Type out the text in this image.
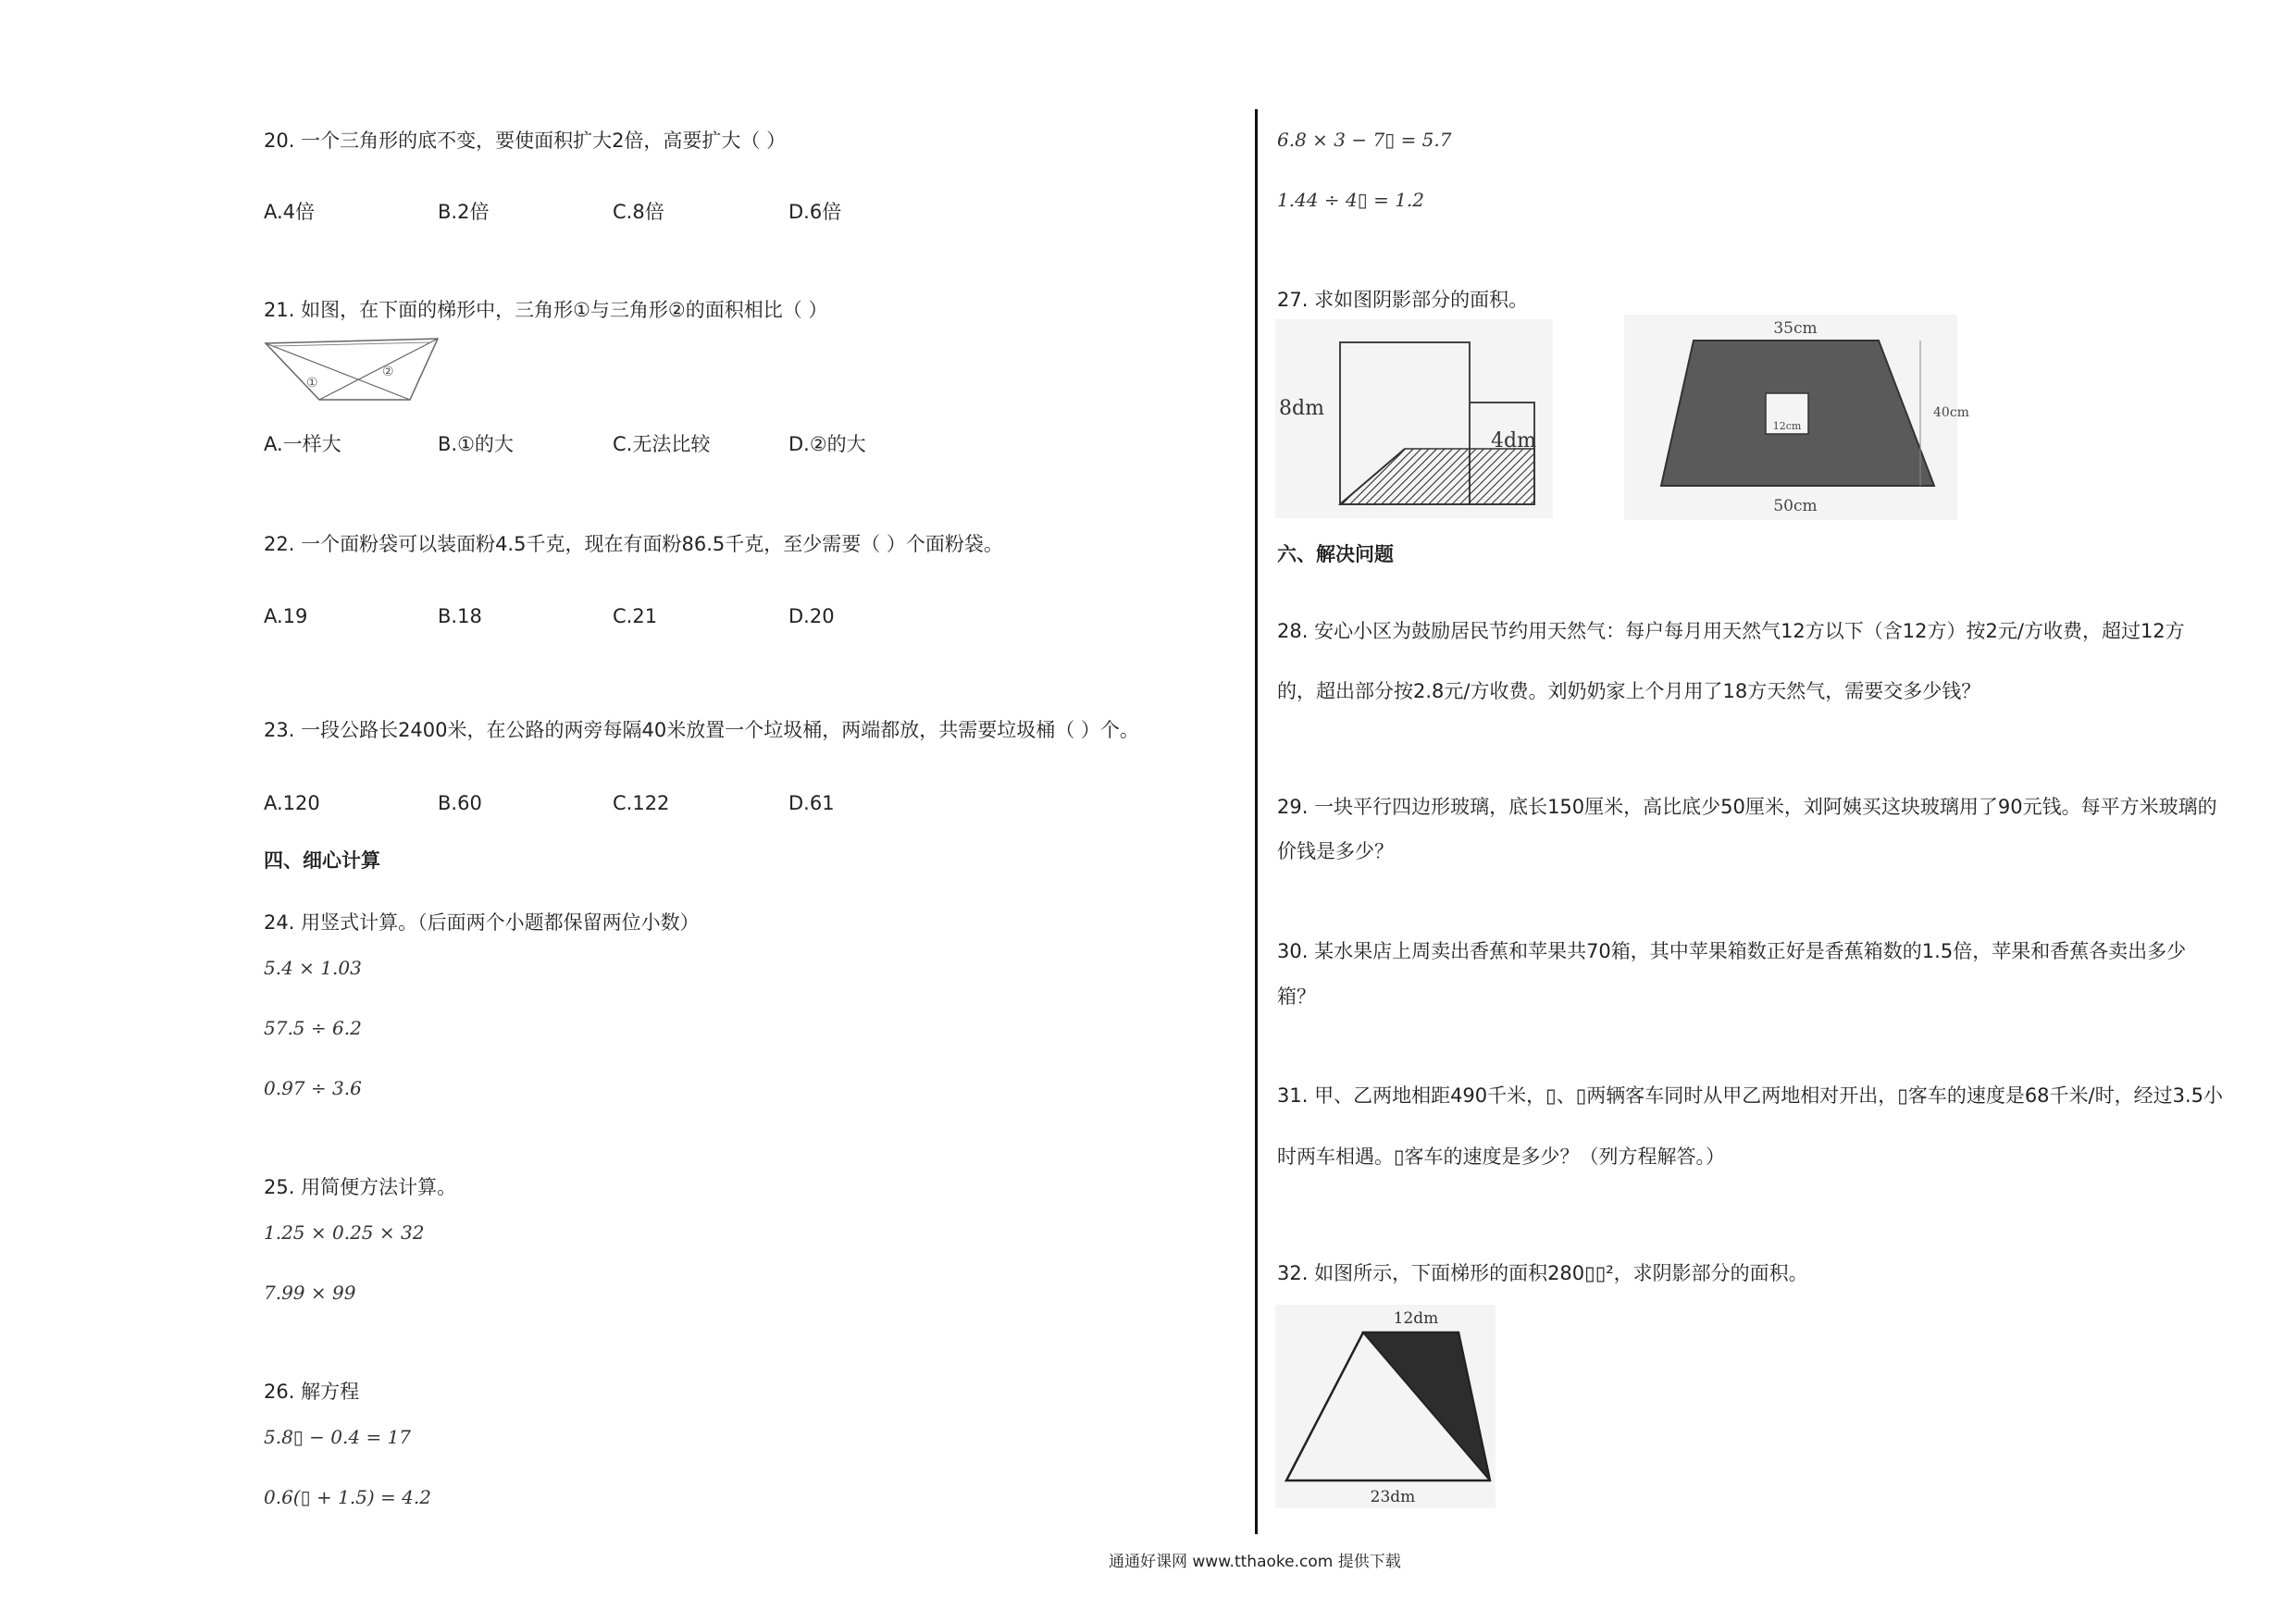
20. 一个三角形的底不变，要使面积扩大2倍，高要扩大（ ）
A.4倍	B.2倍	C.8倍	D.6倍
21. 如图，在下面的梯形中，三角形①与三角形②的面积相比（ ）
①
②
A.一样大	B.①的大	C.无法比较	D.②的大
22. 一个面粉袋可以装面粉4.5千克，现在有面粉86.5千克，至少需要（ ）个面粉袋。
A.19	B.18	C.21	D.20
23. 一段公路长2400米，在公路的两旁每隔40米放置一个垃圾桶，两端都放，共需要垃圾桶（ ）个。
A.120	B.60	C.122	D.61
四、细心计算
24. 用竖式计算。（后面两个小题都保留两位小数）
5.4 × 1.03
57.5 ÷ 6.2
0.97 ÷ 3.6
25. 用简便方法计算。
1.25 × 0.25 × 32
7.99 × 99
26. 解方程
5.8▯ − 0.4 = 17
0.6(▯ + 1.5) = 4.2
6.8 × 3 − 7▯ = 5.7
1.44 ÷ 4▯ = 1.2
27. 求如图阴影部分的面积。
8dm
4dm
35cm
12cm
40cm
50cm
六、解决问题
28. 安心小区为鼓励居民节约用天然气：每户每月用天然气12方以下（含12方）按2元/方收费，超过12方
的，超出部分按2.8元/方收费。刘奶奶家上个月用了18方天然气，需要交多少钱？
29. 一块平行四边形玻璃，底长150厘米，高比底少50厘米，刘阿姨买这块玻璃用了90元钱。每平方米玻璃的
价钱是多少？
30. 某水果店上周卖出香蕉和苹果共70箱，其中苹果箱数正好是香蕉箱数的1.5倍，苹果和香蕉各卖出多少
箱？
31. 甲、乙两地相距490千米，▯、▯两辆客车同时从甲乙两地相对开出，▯客车的速度是68千米/时，经过3.5小
时两车相遇。▯客车的速度是多少？（列方程解答。）
32. 如图所示，下面梯形的面积280▯▯²，求阴影部分的面积。
12dm
23dm
通通好课网 www.tthaoke.com 提供下载
